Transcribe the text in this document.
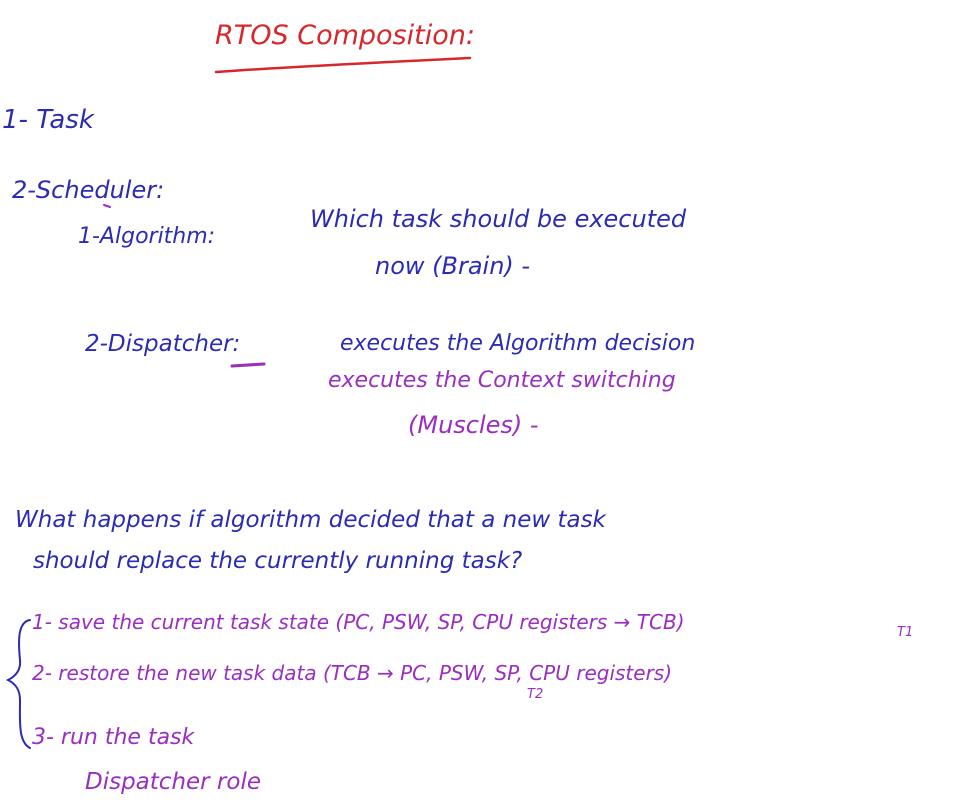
RTOS Composition:
1- Task
2-Scheduler:
1-Algorithm:
Which task should be executed
now (Brain) -
2-Dispatcher:	executes the Algorithm decision
executes the Context switching
(Muscles) -
What happens if algorithm decided that a new task
should replace the currently running task?
1- save the current task state (PC, PSW, SP, CPU registers → TCB)	T1
2- restore the new task data (TCB → PC, PSW, SP, CPU registers)
T2
3- run the task
Dispatcher role
